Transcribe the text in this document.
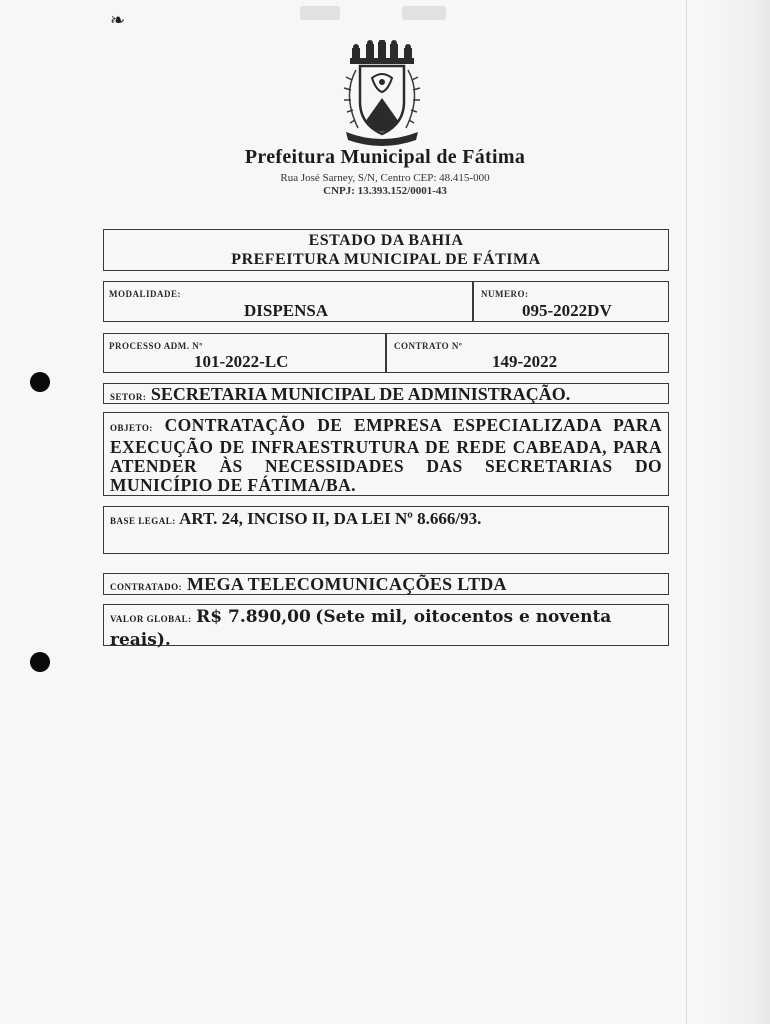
❧
Prefeitura Municipal de Fátima
Rua José Sarney, S/N, Centro CEP: 48.415-000
CNPJ: 13.393.152/0001-43
ESTADO DA BAHIA
PREFEITURA MUNICIPAL DE FÁTIMA
MODALIDADE:
DISPENSA
NUMERO:
095-2022DV
PROCESSO ADM. Nº
101-2022-LC
CONTRATO Nº
149-2022
SETOR: SECRETARIA MUNICIPAL DE ADMINISTRAÇÃO.
OBJETO: CONTRATAÇÃO DE EMPRESA ESPECIALIZADA PARA EXECUÇÃO DE INFRAESTRUTURA DE REDE CABEADA, PARA ATENDER ÀS NECESSIDADES DAS SECRETARIAS DO MUNICÍPIO DE FÁTIMA/BA.
BASE LEGAL: ART. 24, INCISO II, DA LEI Nº 8.666/93.
CONTRATADO: MEGA TELECOMUNICAÇÕES LTDA
VALOR GLOBAL: R$ 7.890,00 (Sete mil, oitocentos e noventa reais).
